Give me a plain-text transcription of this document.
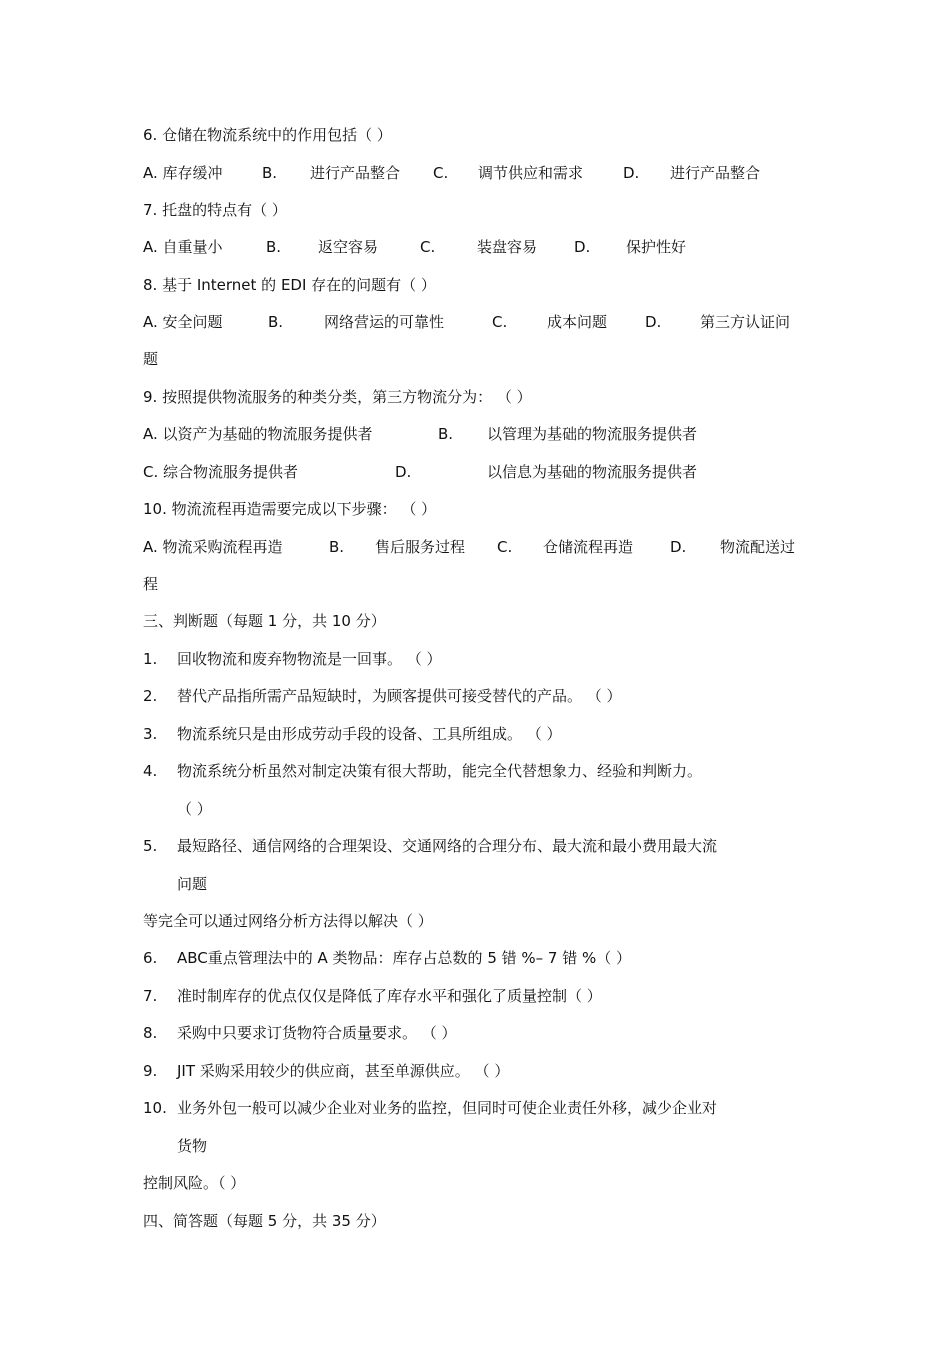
6. 仓储在物流系统中的作用包括（ ）
A. 库存缓冲	B. 进行产品整合 C. 调节供应和需求	D. 进行产品整合
7. 托盘的特点有（ ）
A. 自重量小	B. 返空容易	C.	装盘容易 D. 保护性好
8. 基于 Internet 的 EDI 存在的问题有（ ）
A. 安全问题	B.	网络营运的可靠性	C.	成本问题	D.	第三方认证问
题
9. 按照提供物流服务的种类分类，第三方物流分为： （ ）
A. 以资产为基础的物流服务提供者	B. 以管理为基础的物流服务提供者
C. 综合物流服务提供者	D.	以信息为基础的物流服务提供者
10. 物流流程再造需要完成以下步骤： （ ）
A. 物流采购流程再造	B. 售后服务过程 C. 仓储流程再造 D. 物流配送过
程
三、判断题（每题 1 分，共 10 分）
1. 回收物流和废弃物物流是一回事。 （ ）
2. 替代产品指所需产品短缺时，为顾客提供可接受替代的产品。 （ ）
3. 物流系统只是由形成劳动手段的设备、工具所组成。 （ ）
4. 物流系统分析虽然对制定决策有很大帮助，能完全代替想象力、经验和判断力。
（ ）
5. 最短路径、通信网络的合理架设、交通网络的合理分布、最大流和最小费用最大流
问题
等完全可以通过网络分析方法得以解决（ ）
6. ABC重点管理法中的 A 类物品：库存占总数的 5 错 %– 7 错 %（ ）
7. 准时制库存的优点仅仅是降低了库存水平和强化了质量控制（ ）
8. 采购中只要求订货物符合质量要求。 （ ）
9. JIT 采购采用较少的供应商，甚至单源供应。 （ ）
10. 业务外包一般可以减少企业对业务的监控，但同时可使企业责任外移，减少企业对
货物
控制风险。（ ）
四、简答题（每题 5 分，共 35 分）
